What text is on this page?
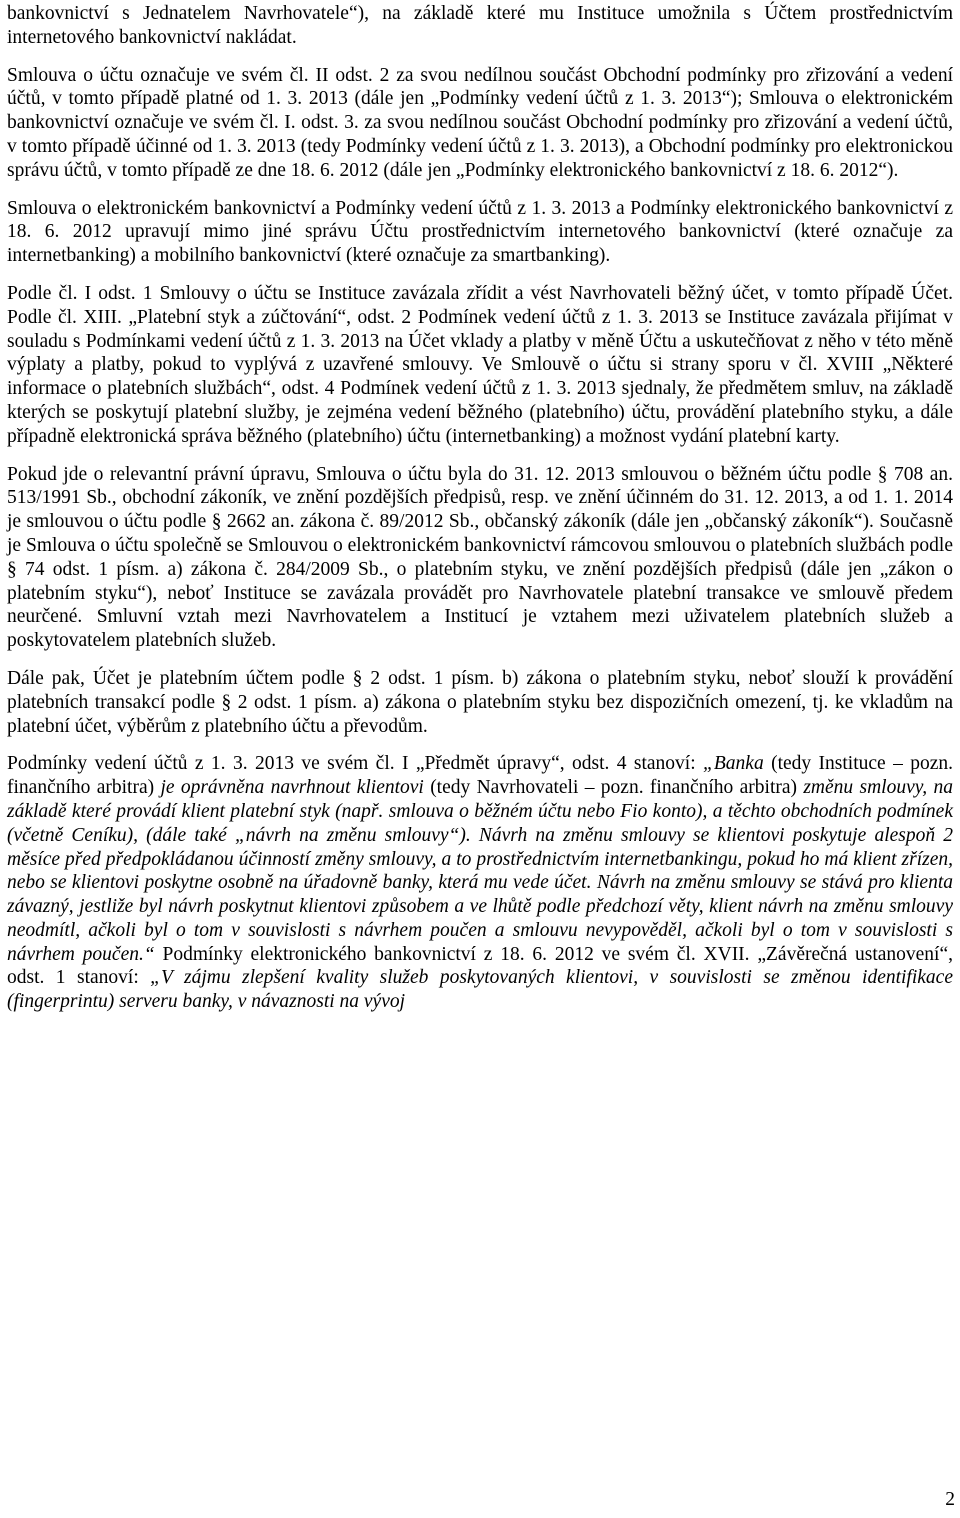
bankovnictví s Jednatelem Navrhovatele“), na základě které mu Instituce umožnila s Účtem prostřednictvím internetového bankovnictví nakládat.

Smlouva o účtu označuje ve svém čl. II odst. 2 za svou nedílnou součást Obchodní podmínky pro zřizování a vedení účtů, v tomto případě platné od 1. 3. 2013 (dále jen „Podmínky vedení účtů z 1. 3. 2013“); Smlouva o elektronickém bankovnictví označuje ve svém čl. I. odst. 3. za svou nedílnou součást Obchodní podmínky pro zřizování a vedení účtů, v tomto případě účinné od 1. 3. 2013 (tedy Podmínky vedení účtů z 1. 3. 2013), a Obchodní podmínky pro elektronickou správu účtů, v tomto případě ze dne 18. 6. 2012 (dále jen „Podmínky elektronického bankovnictví z 18. 6. 2012“).

Smlouva o elektronickém bankovnictví a Podmínky vedení účtů z 1. 3. 2013 a Podmínky elektronického bankovnictví z 18. 6. 2012 upravují mimo jiné správu Účtu prostřednictvím internetového bankovnictví (které označuje za internetbanking) a mobilního bankovnictví (které označuje za smartbanking).

Podle čl. I odst. 1 Smlouvy o účtu se Instituce zavázala zřídit a vést Navrhovateli běžný účet, v tomto případě Účet. Podle čl. XIII. „Platební styk a zúčtování“, odst. 2 Podmínek vedení účtů z 1. 3. 2013 se Instituce zavázala přijímat v souladu s Podmínkami vedení účtů z 1. 3. 2013 na Účet vklady a platby v měně Účtu a uskutečňovat z něho v této měně výplaty a platby, pokud to vyplývá z uzavřené smlouvy. Ve Smlouvě o účtu si strany sporu v čl. XVIII „Některé informace o platebních službách“, odst. 4 Podmínek vedení účtů z 1. 3. 2013 sjednaly, že předmětem smluv, na základě kterých se poskytují platební služby, je zejména vedení běžného (platebního) účtu, provádění platebního styku, a dále případně elektronická správa běžného (platebního) účtu (internetbanking) a možnost vydání platební karty.

Pokud jde o relevantní právní úpravu, Smlouva o účtu byla do 31. 12. 2013 smlouvou o běžném účtu podle § 708 an. 513/1991 Sb., obchodní zákoník, ve znění pozdějších předpisů, resp. ve znění účinném do 31. 12. 2013, a od 1. 1. 2014 je smlouvou o účtu podle § 2662 an. zákona č. 89/2012 Sb., občanský zákoník (dále jen „občanský zákoník“). Současně je Smlouva o účtu společně se Smlouvou o elektronickém bankovnictví rámcovou smlouvou o platebních službách podle § 74 odst. 1 písm. a) zákona č. 284/2009 Sb., o platebním styku, ve znění pozdějších předpisů (dále jen „zákon o platebním styku“), neboť Instituce se zavázala provádět pro Navrhovatele platební transakce ve smlouvě předem neurčené. Smluvní vztah mezi Navrhovatelem a Institucí je vztahem mezi uživatelem platebních služeb a poskytovatelem platebních služeb.

Dále pak, Účet je platebním účtem podle § 2 odst. 1 písm. b) zákona o platebním styku, neboť slouží k provádění platebních transakcí podle § 2 odst. 1 písm. a) zákona o platebním styku bez dispozičních omezení, tj. ke vkladům na platební účet, výběrům z platebního účtu a převodům.

Podmínky vedení účtů z 1. 3. 2013 ve svém čl. I „Předmět úpravy“, odst. 4 stanoví: „Banka (tedy Instituce – pozn. finančního arbitra) je oprávněna navrhnout klientovi (tedy Navrhovateli – pozn. finančního arbitra) změnu smlouvy, na základě které provádí klient platební styk (např. smlouva o běžném účtu nebo Fio konto), a těchto obchodních podmínek (včetně Ceníku), (dále také „návrh na změnu smlouvy“). Návrh na změnu smlouvy se klientovi poskytuje alespoň 2 měsíce před předpokládanou účinností změny smlouvy, a to prostřednictvím internetbankingu, pokud ho má klient zřízen, nebo se klientovi poskytne osobně na úřadovně banky, která mu vede účet. Návrh na změnu smlouvy se stává pro klienta závazný, jestliže byl návrh poskytnut klientovi způsobem a ve lhůtě podle předchozí věty, klient návrh na změnu smlouvy neodmítl, ačkoli byl o tom v souvislosti s návrhem poučen a smlouvu nevypověděl, ačkoli byl o tom v souvislosti s návrhem poučen.“ Podmínky elektronického bankovnictví z 18. 6. 2012 ve svém čl. XVII. „Závěrečná ustanovení“, odst. 1 stanoví: „V zájmu zlepšení kvality služeb poskytovaných klientovi, v souvislosti se změnou identifikace (fingerprintu) serveru banky, v návaznosti na vývoj

2
